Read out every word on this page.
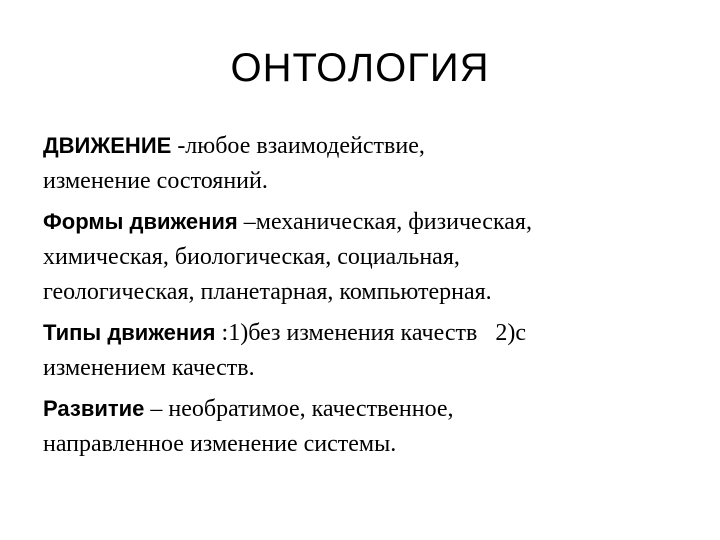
ОНТОЛОГИЯ
ДВИЖЕНИЕ -любое взаимодействие,
изменение состояний.
Формы движения –механическая, физическая,
химическая, биологическая, социальная,
геологическая, планетарная, компьютерная.
Типы движения :1)без изменения качеств   2)с
изменением качеств.
Развитие – необратимое, качественное,
направленное изменение системы.
